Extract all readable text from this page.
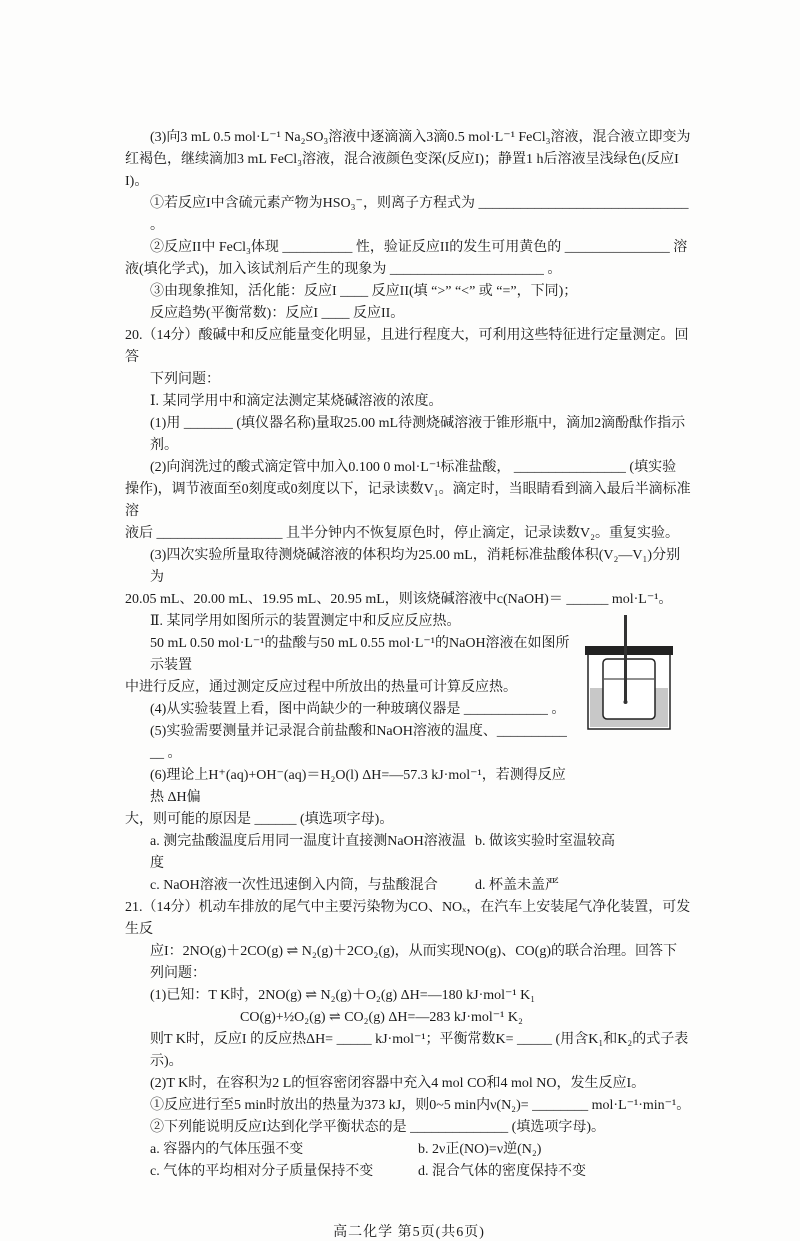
(3)向3 mL 0.5 mol·L⁻¹ Na₂SO₃溶液中逐滴滴入3滴0.5 mol·L⁻¹ FeCl₃溶液，混合液立即变为
红褐色，继续滴加3 mL FeCl₃溶液，混合液颜色变深(反应I)；静置1 h后溶液呈浅绿色(反应II)。
①若反应I中含硫元素产物为HSO₃⁻，则离子方程式为 ______________________________ 。
②反应II中 FeCl₃体现 __________ 性，验证反应II的发生可用黄色的 _______________ 溶
液(填化学式)，加入该试剂后产生的现象为 ______________________ 。
③由现象推知，活化能：反应I ____ 反应II(填 “>” “<” 或 “=”，下同)；
反应趋势(平衡常数)：反应I ____ 反应II。
20.（14分）酸碱中和反应能量变化明显，且进行程度大，可利用这些特征进行定量测定。回答
下列问题：
Ⅰ. 某同学用中和滴定法测定某烧碱溶液的浓度。
(1)用 _______ (填仪器名称)量取25.00 mL待测烧碱溶液于锥形瓶中，滴加2滴酚酞作指示剂。
(2)向润洗过的酸式滴定管中加入0.100 0 mol·L⁻¹标准盐酸， ________________ (填实验
操作)，调节液面至0刻度或0刻度以下，记录读数V₁。滴定时，当眼睛看到滴入最后半滴标准溶
液后 __________________ 且半分钟内不恢复原色时，停止滴定，记录读数V₂。重复实验。
(3)四次实验所量取待测烧碱溶液的体积均为25.00 mL，消耗标准盐酸体积(V₂—V₁)分别为
20.05 mL、20.00 mL、19.95 mL、20.95 mL，则该烧碱溶液中c(NaOH)＝ ______ mol·L⁻¹。
Ⅱ. 某同学用如图所示的装置测定中和反应反应热。
50 mL 0.50 mol·L⁻¹的盐酸与50 mL 0.55 mol·L⁻¹的NaOH溶液在如图所示装置
中进行反应，通过测定反应过程中所放出的热量可计算反应热。
(4)从实验装置上看，图中尚缺少的一种玻璃仪器是 ____________ 。
(5)实验需要测量并记录混合前盐酸和NaOH溶液的温度、____________ 。
(6)理论上H⁺(aq)+OH⁻(aq)＝H₂O(l) ΔH=—57.3 kJ·mol⁻¹，若测得反应热 ΔH偏
大，则可能的原因是 ______ (填选项字母)。
a. 测完盐酸温度后用同一温度计直接测NaOH溶液温度
b. 做该实验时室温较高
c. NaOH溶液一次性迅速倒入内筒，与盐酸混合	d. 杯盖未盖严
21.（14分）机动车排放的尾气中主要污染物为CO、NOₓ，在汽车上安装尾气净化装置，可发生反
应I：2NO(g)＋2CO(g) ⇌ N₂(g)＋2CO₂(g)，从而实现NO(g)、CO(g)的联合治理。回答下
列问题：
(1)已知：T K时，2NO(g) ⇌ N₂(g)＋O₂(g) ΔH=—180 kJ·mol⁻¹ K₁
CO(g)+½O₂(g) ⇌ CO₂(g) ΔH=—283 kJ·mol⁻¹ K₂
则T K时，反应I 的反应热ΔH= _____ kJ·mol⁻¹；平衡常数K= _____ (用含K₁和K₂的式子表示)。
(2)T K时，在容积为2 L的恒容密闭容器中充入4 mol CO和4 mol NO，发生反应I。
①反应进行至5 min时放出的热量为373 kJ，则0~5 min内ν(N₂)= ________ mol·L⁻¹·min⁻¹。
②下列能说明反应I达到化学平衡状态的是 ______________ (填选项字母)。
a. 容器内的气体压强不变	b. 2ν正(NO)=ν逆(N₂)
c. 气体的平均相对分子质量保持不变	d. 混合气体的密度保持不变
高二化学 第5页(共6页)
